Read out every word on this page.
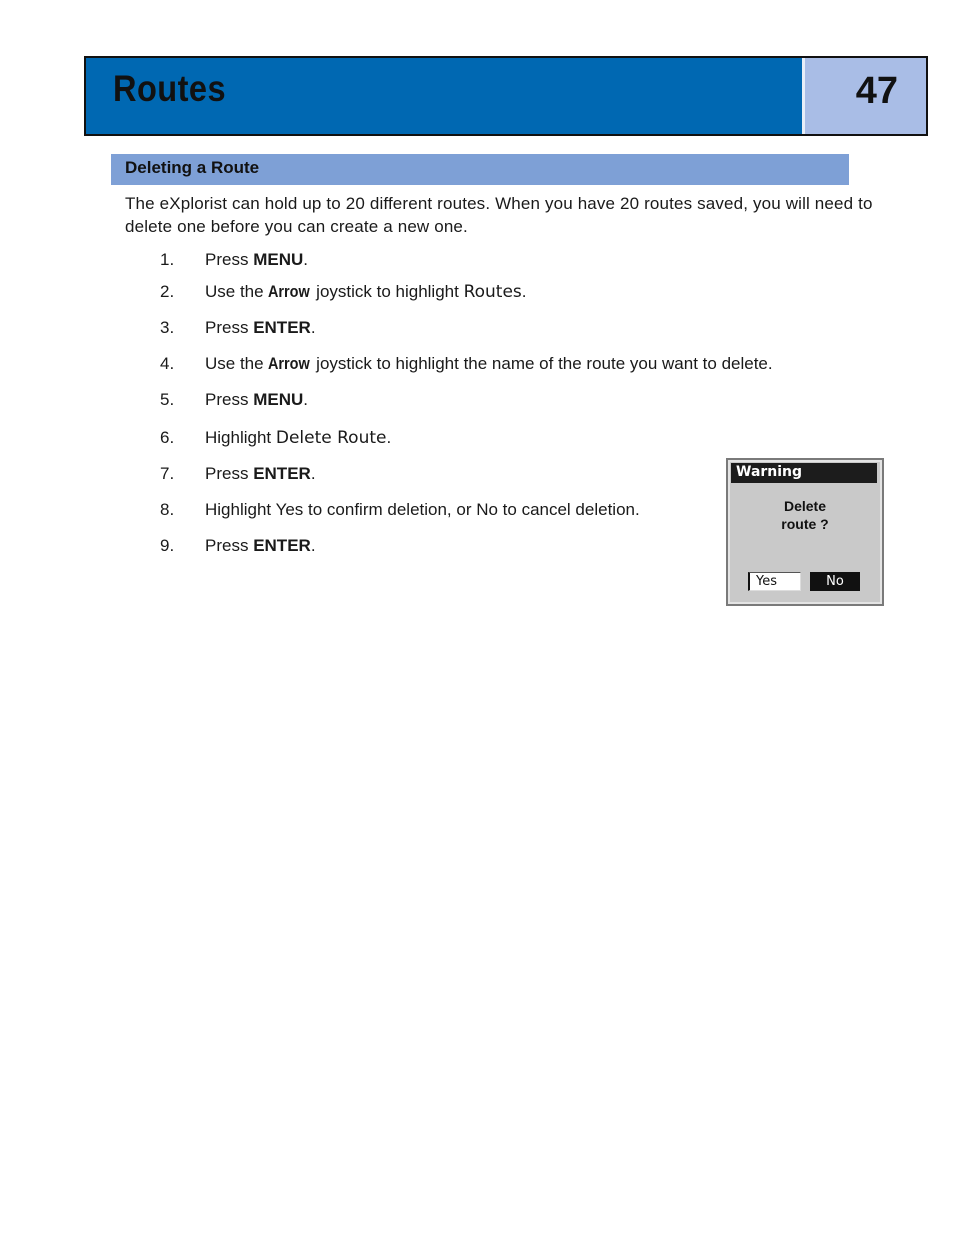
Routes	47
Deleting a Route
The eXplorist can hold up to 20 different routes. When you have 20 routes saved, you will need to delete one before you can create a new one.
1. Press MENU.
2. Use the Arrow joystick to highlight Routes.
3. Press ENTER.
4. Use the Arrow joystick to highlight the name of the route you want to delete.
5. Press MENU.
6. Highlight Delete Route.
7. Press ENTER.
8. Highlight Yes to confirm deletion, or No to cancel deletion.
9. Press ENTER.
Warning
Delete
route ?
Yes	No
